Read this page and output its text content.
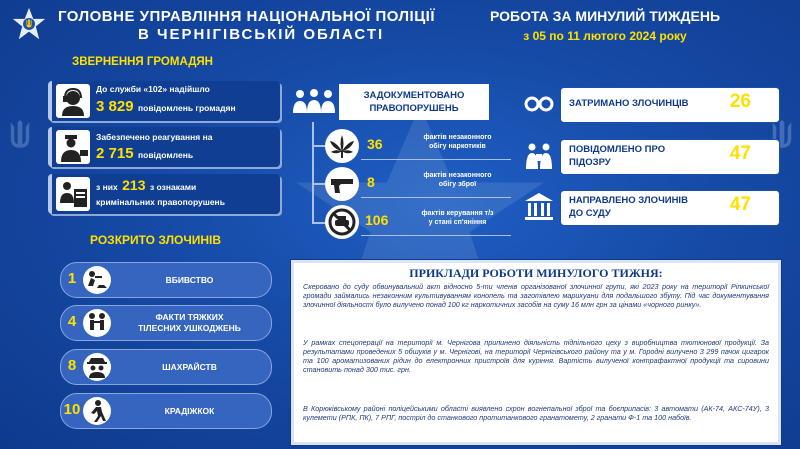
ГОЛОВНЕ УПРАВЛІННЯ НАЦІОНАЛЬНОЇ ПОЛІЦІЇ
В ЧЕРНІГІВСЬКІЙ ОБЛАСТІ
РОБОТА ЗА МИНУЛИЙ ТИЖДЕНЬ
з 05 по 11 лютого 2024 року
ЗВЕРНЕННЯ ГРОМАДЯН
До служби «102» надійшло
3 829 повідомлень громадян
Забезпечено реагування на
2 715 повідомлень
з них 213 з ознаками
кримінальних правопорушень
РОЗКРИТО ЗЛОЧИНІВ
1	ВБИВСТВО
4	ФАКТИ ТЯЖКИХ
ТІЛЕСНИХ УШКОДЖЕНЬ
8	ШАХРАЙСТВ
10	КРАДІЖКОК
ЗАДОКУМЕНТОВАНО
ПРАВОПОРУШЕНЬ
36	фактів незаконного
обігу наркотиків
8	фактів незаконного
обігу зброї
106	фактів керування т/з
у стані сп'яніння
ЗАТРИМАНО ЗЛОЧИНЦІВ 26
ПОВІДОМЛЕНО ПРО
ПІДОЗРУ	47
НАПРАВЛЕНО ЗЛОЧИНІВ
ДО СУДУ	47
ПРИКЛАДИ РОБОТИ МИНУЛОГО ТИЖНЯ:
Скеровано до суду обвинувальний акт відносно 5-ти членів організованої злочинної групи, які 2023 року на території Ріпкинської громади займались незаконним культивуванням конопель та заготівлею марихуани для подальшого збуту. Під час документування злочинної діяльності було вилучено понад 100 кг наркотичних засобів на суму 16 млн грн за цінами «чорного ринку».
У рамках спецоперації на території м. Чернігова припинено діяльність підпільного цеху з виробництва тютюнової продукції. За результатами проведених 5 обшуків у м. Чернігові, на території Чернігівського району та у м. Городні вилучено 3 299 пачок цигарок та 100 ароматизованих рідин до електронних пристроїв для куріння. Вартість вилученої контрафактної продукції та сировини становить понад 300 тис. грн.
В Корюківському районі поліцейськими області виявлено схрон вогнепальної зброї та боєприпасів: 3 автомати (АК-74, АКС-74У), 3 кулемети (РПК, ПК), 7 РПГ, постріл до станкового протитанкового гранатомету, 2 гранати Ф-1 та 100 набоїв.
